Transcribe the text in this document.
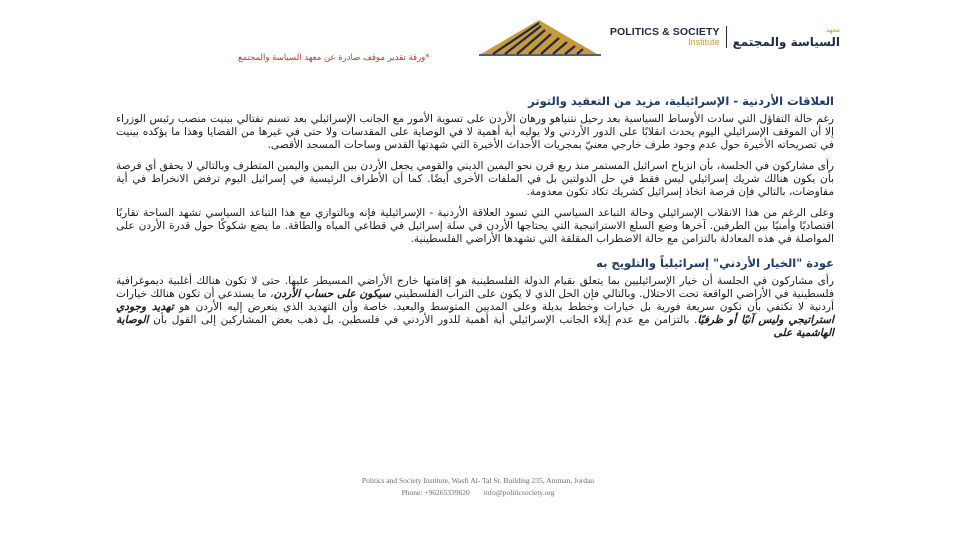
POLITICS & SOCIETY
Institute
معهد
السياسة والمجتمع
*ورقة تقدير موقف صادرة عن معهد السياسة والمجتمع
العلاقات الأردنية - الإسرائيلية، مزيد من التعقيد والتوتر

رغم حالة التفاؤل التي سادت الأوساط السياسية بعد رحيل نتنياهو ورهان الأردن على تسوية الأمور مع الجانب الإسرائيلي بعد تسنم نفتالي بينيت منصب رئيس الوزراء إلا أن الموقف الإسرائيلي اليوم يحدث انقلابًا على الدور الأردني ولا يوليه أية أهمية لا في الوصاية على المقدسات ولا حتى في غيرها من القضايا وهذا ما يؤكده بينيت في تصريحاته الأخيرة حول عدم وجود طرف خارجي معنيّ بمجريات الأحداث الأخيرة التي شهدتها القدس وساحات المسجد الأقصى.

رأى مشاركون في الجلسة، بأن انزياح اسرائيل المستمر منذ ربع قرن نحو اليمين الديني والقومي يجعل الأردن بين اليمين واليمين المتطرف وبالتالي لا يحقق أي فرصة بأن يكون هنالك شريك إسرائيلي ليس فقط في حل الدولتين بل في الملفات الأخرى أيضًا. كما أن الأطراف الرئيسية في إسرائيل اليوم ترفض الانخراط في أية مفاوضات، بالتالي فإن فرصة اتخاذ إسرائيل كشريك تكاد تكون معدومة.

وعلى الرغم من هذا الانقلاب الإسرائيلي وحالة التباعد السياسي التي تسود العلاقة الأردنية - الإسرائيلية فإنه وبالتوازي مع هذا التباعد السياسي تشهد الساحة تقاربًا اقتصاديًا وأمنيًا بين الطرفين. آخرها وضع السلع الاستراتيجية التي يحتاجها الأردن في سلة إسرائيل في قطاعي المياه والطاقة. ما يضع شكوكًا حول قدرة الأردن على المواصلة في هذه المعادلة بالتزامن مع حالة الاضطراب المقلقة التي تشهدها الأراضي الفلسطينية.

عودة "الخيار الأردني" إسرائيلياً والتلويح به

رأى مشاركون في الجلسة أن خيار الإسرائيليين بما يتعلق بقيام الدولة الفلسطينية هو إقامتها خارج الأراضي المسيطر عليها. حتى لا تكون هنالك أغلبية ديموغرافية فلسطينية في الأراضي الواقعة تحت الاحتلال. وبالتالي فإن الحل الذي لا يكون على التراب الفلسطيني سيكون على حساب الأردن، ما يستدعي أن تكون هنالك خيارات أردنية لا تكتفي بأن تكون سريعة فورية بل خيارات وخطط بديلة وعلى المديين المتوسط والبعيد. خاصة وأن التهديد الذي يتعرض إليه الأردن هو تهديد وجودي استراتيجي وليس آنيًا أو ظرفيًا. بالتزامن مع عدم إيلاء الجانب الإسرائيلي أية أهمية للدور الأردني في فلسطين. بل ذهب بعض المشاركين إلى القول بأن الوصاية الهاشمية على

Politics and Society Institute, Wasfi Al- Tal St. Building 235, Amman, Jordan
Phone: +96265339620 info@politicsociety.org
